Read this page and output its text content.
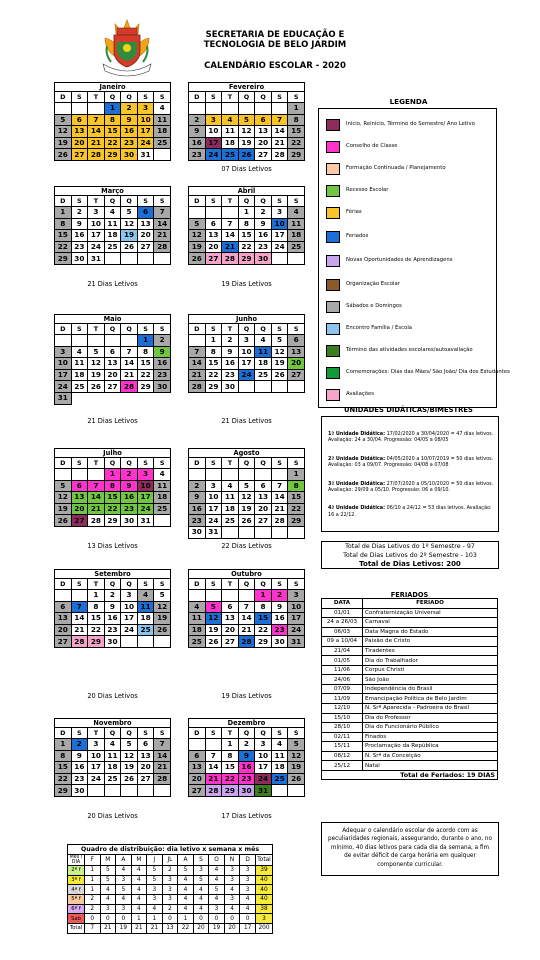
SECRETARIA DE EDUCAÇÃO E
TECNOLOGIA DE BELO JARDIM
CALENDÁRIO ESCOLAR - 2020
Janeiro
D	S	T	Q	Q	S	S
			1	2	3	4
5	6	7	8	9	10	11
12	13	14	15	16	17	18
19	20	21	22	23	24	25
26	27	28	29	30	31	
Fevereiro
D	S	T	Q	Q	S	S
						1
2	3	4	5	6	7	8
9	10	11	12	13	14	15
16	17	18	19	20	21	22
23	24	25	26	27	28	29
07 Dias Letivos
Março
D	S	T	Q	Q	S	S
1	2	3	4	5	6	7
8	9	10	11	12	13	14
15	16	17	18	19	20	21
22	23	24	25	26	27	28
29	30	31				
21 Dias Letivos
Abril
D	S	T	Q	Q	S	S
			1	2	3	4
5	6	7	8	9	10	11
12	13	14	15	16	17	18
19	20	21	22	23	24	25
26	27	28	29	30		
19 Dias Letivos
Maio
D	S	T	Q	Q	S	S
					1	2
3	4	5	6	7	8	9
10	11	12	13	14	15	16
17	18	19	20	21	22	23
24	25	26	27	28	29	30
31						
21 Dias Letivos
Junho
D	S	T	Q	Q	S	S
	1	2	3	4	5	6
7	8	9	10	11	12	13
14	15	16	17	18	19	20
21	22	23	24	25	26	27
28	29	30				
21 Dias Letivos
Julho
D	S	T	Q	Q	S	S
			1	2	3	4
5	6	7	8	9	10	11
12	13	14	15	16	17	18
19	20	21	22	23	24	25
26	27	28	29	30	31	
13 Dias Letivos
Agosto
D	S	T	Q	Q	S	S
						1
2	3	4	5	6	7	8
9	10	11	12	13	14	15
16	17	18	19	20	21	22
23	24	25	26	27	28	29
30	31					
22 Dias Letivos
Setembro
D	S	T	Q	Q	S	S
		1	2	3	4	5
6	7	8	9	10	11	12
13	14	15	16	17	18	19
20	21	22	23	24	25	26
27	28	29	30			
20 Dias Letivos
Outubro
D	S	T	Q	Q	S	S
				1	2	3
4	5	6	7	8	9	10
11	12	13	14	15	16	17
18	19	20	21	22	23	24
25	26	27	28	29	30	31
19 Dias Letivos
Novembro
D	S	T	Q	Q	S	S
1	2	3	4	5	6	7
8	9	10	11	12	13	14
15	16	17	18	19	20	21
22	23	24	25	26	27	28
29	30					
20 Dias Letivos
Dezembro
D	S	T	Q	Q	S	S
		1	2	3	4	5
6	7	8	9	10	11	12
13	14	15	16	17	18	19
20	21	22	23	24	25	26
27	28	29	30	31		
17 Dias Letivos
LEGENDA
Início, Reinício, Término do Semestre/ Ano Letivo
Conselho de Classe
Formação Continuada / Planejamento
Recesso Escolar
Férias
Feriados
Novas Oportunidades de Aprendizagens
Organização Escolar
Sábados e Domingos
Encontro Família / Escola
Término das atividades escolares/autoavaliação
Comemorações: Dias das Mães/ São João/ Dia dos Estudantes
Avaliações
UNIDADES DIDÁTICAS/BIMESTRES
1ª Unidade Didática: 17/02/2020 a 30/04/2020 = 47 dias letivos. Avaliação: 24 a 30/04. Progressão: 04/05 a 08/05
2ª Unidade Didática: 04/05/2020 a 10/07/2019 = 50 dias letivos. Avaliação: 03 a 09/07. Progressão: 04/08 a 07/08
3ª Unidade Didática: 27/07/2020 a 05/10/2020 = 50 dias letivos. Avaliação: 29/09 a 05/10. Progressão: 06 a 09/10.
4ª Unidade Didática: 06/10 a 24/12 = 53 dias letivos. Avaliação: 16 a 22/12.
Total de Dias Letivos do 1º Semestre - 97
Total de Dias Letivos do 2º Semestre - 103
Total de Dias Letivos: 200
FERIADOS
DATA	FERIADO
01/01	Confraternização Universal
24 a 26/03	Carnaval
06/03	Data Magna do Estado
09 a 10/04	Paixão de Cristo
21/04	Tiradentes
01/05	Dia do Trabalhador
11/06	Corpus Christi
24/06	São João
07/09	Independência do Brasil
11/09	Emancipação Política de Belo Jardim
12/10	N. Srª Aparecida - Padroeira do Brasil
15/10	Dia do Professor
28/10	Dia do Funcionário Público
02/11	Finados
15/11	Proclamação da República
08/12	N. Srª da Conceição
25/12	Natal
Total de Feriados: 19 DIAS	
Adequar o calendário escolar de acordo com as peculiaridades regionais, assegurando, durante o ano, no mínimo, 40 dias letivos para cada dia da semana, a fim de evitar déficit de carga horária em qualquer componente curricular.
Quadro de distribuição: dia letivo x semana x mês
Mês / DIA	F	M	A	M	J	JL	A	S	O	N	D	Total
2ª f	1	5	4	4	5	2	5	3	4	3	3	39
3ª f	1	5	3	4	5	3	4	5	4	3	3	40
4ª f	1	4	5	4	3	3	4	4	5	4	3	40
5ª f	2	4	4	4	3	3	4	4	4	3	4	40
6ª f	2	3	3	4	4	2	4	4	3	4	4	38
Sab	0	0	0	1	1	0	1	0	0	0	0	3
Total	7	21	19	21	21	13	22	20	19	20	17	200
